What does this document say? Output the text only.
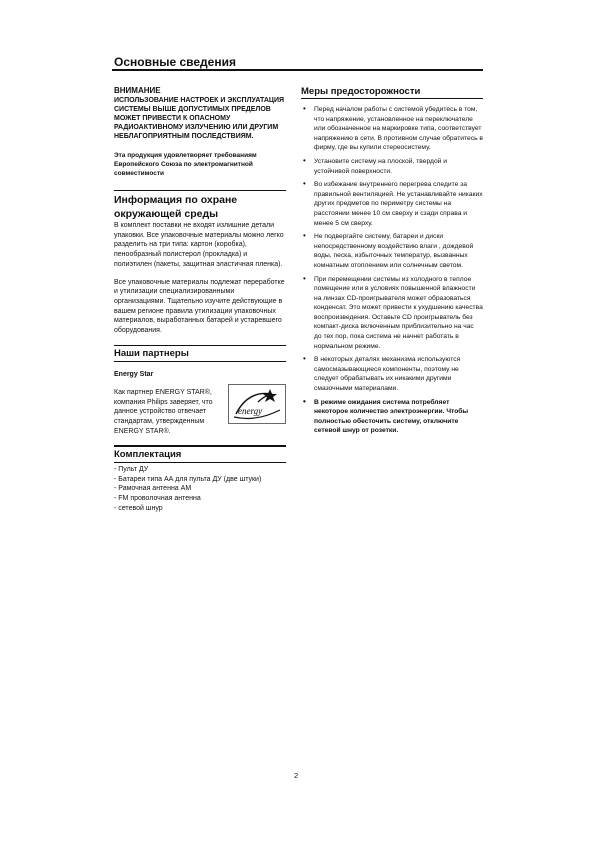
Основные сведения
ВНИМАНИЕ
ИСПОЛЬЗОВАНИЕ НАСТРОЕК И ЭКСПЛУАТАЦИЯ СИСТЕМЫ ВЫШЕ ДОПУСТИМЫХ ПРЕДЕЛОВ МОЖЕТ ПРИВЕСТИ К ОПАСНОМУ РАДИОАКТИВНОМУ ИЗЛУЧЕНИЮ ИЛИ ДРУГИМ НЕБЛАГОПРИЯТНЫМ ПОСЛЕДСТВИЯМ.
Эта продукция удовлетворяет требованиям Европейского Союза по электромагнитной совместимости
Информация по охране окружающей среды
В комплект поставки не входят излишние детали упаковки. Все упаковочные материалы можно легко разделить на три типа: картон (коробка), пенообразный полистерол (прокладка) и полиэтилен (пакеты, защитная эластичная пленка).
Все упаковочные материалы подлежат переработке и утилизации специализированными организациями. Тщательно изучите действующие в вашем регионе правила утилизации упаковочных материалов, выработанных батарей и устаревшего оборудования.
Наши партнеры
Energy Star
Как партнер ENERGY STAR®, компания Philips заверяет, что данное устройство отвечает стандартам, утвержденным ENERGY STAR®.
energy
Комплектация
- Пульт ДУ
- Батареи типа АА для пульта ДУ (две штуки)
- Рамочная антенна АМ
- FM проволочная антенна
- сетевой шнур
Меры предосторожности
• Перед началом работы с системой убедитесь в том, что напряжение, установленное на переключателе или обозначенное на маркировке типа, соответствует напряжению в сети. В противном случае обратитесь в фирму, где вы купили стереосистему.
• Установите систему на плоской, твердой и устойчивой поверхности.
• Во избежание внутреннего перегрева следите за правильной вентиляцией. Не устанавливайте никаких других предметов по периметру системы на расстоянии менее 10 см сверху и сзади справа и менее 5 см сверху.
• Не подвергайте систему, батареи и диски непосредственному воздействию влаги , дождевой воды, песка, избыточных температур, вызванных комнатным отоплением или солнечным светом.
• При перемещении системы из холодного в теплое помещение или в условиях повышенной влажности на линзах CD-проигрывателя может образоваться конденсат. Это может привести к ухудшению качества воспроизведения. Оставьте CD проигрыватель без компакт-диска включенным приблизительно на час до тех пор, пока система не начнет работать в нормальном режиме.
• В некоторых деталях механизма используются самосмазывающиеся компоненты, поэтому не следует обрабатывать их никакими другими смазочными материалами.
• В режиме ожидания система потребляет некоторое количество электроэнергии. Чтобы полностью обесточить систему, отключите сетевой шнур от розетки.
2
